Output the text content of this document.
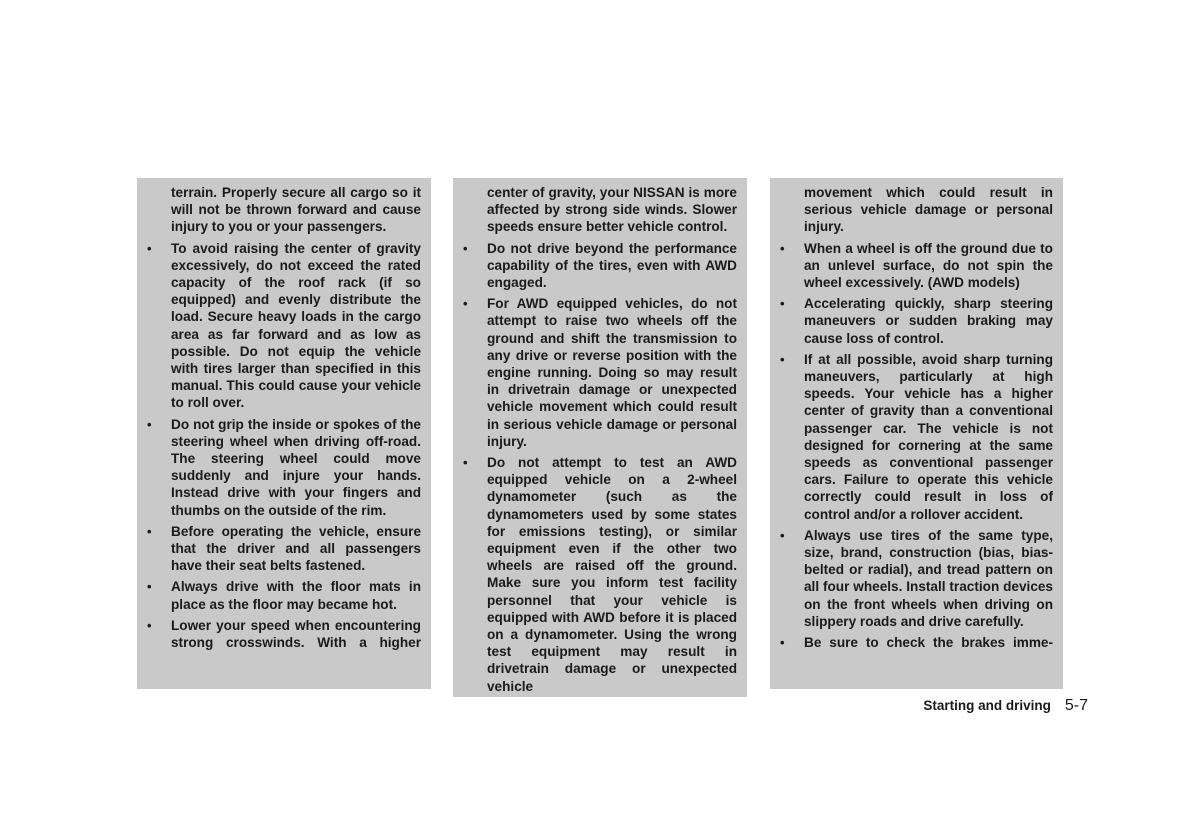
terrain. Properly secure all cargo so it will not be thrown forward and cause injury to you or your passengers.

• To avoid raising the center of gravity excessively, do not exceed the rated capacity of the roof rack (if so equipped) and evenly distribute the load. Secure heavy loads in the cargo area as far forward and as low as possible. Do not equip the vehicle with tires larger than specified in this manual. This could cause your vehicle to roll over.

• Do not grip the inside or spokes of the steering wheel when driving off-road. The steering wheel could move suddenly and injure your hands. Instead drive with your fingers and thumbs on the outside of the rim.

• Before operating the vehicle, ensure that the driver and all passengers have their seat belts fastened.

• Always drive with the floor mats in place as the floor may became hot.

• Lower your speed when encountering strong crosswinds. With a higher

center of gravity, your NISSAN is more affected by strong side winds. Slower speeds ensure better vehicle control.

• Do not drive beyond the performance capability of the tires, even with AWD engaged.

• For AWD equipped vehicles, do not attempt to raise two wheels off the ground and shift the transmission to any drive or reverse position with the engine running. Doing so may result in drivetrain damage or unexpected vehicle movement which could result in serious vehicle damage or personal injury.

• Do not attempt to test an AWD equipped vehicle on a 2-wheel dynamometer (such as the dynamometers used by some states for emissions testing), or similar equipment even if the other two wheels are raised off the ground. Make sure you inform test facility personnel that your vehicle is equipped with AWD before it is placed on a dynamometer. Using the wrong test equipment may result in drivetrain damage or unexpected vehicle

movement which could result in serious vehicle damage or personal injury.

• When a wheel is off the ground due to an unlevel surface, do not spin the wheel excessively. (AWD models)

• Accelerating quickly, sharp steering maneuvers or sudden braking may cause loss of control.

• If at all possible, avoid sharp turning maneuvers, particularly at high speeds. Your vehicle has a higher center of gravity than a conventional passenger car. The vehicle is not designed for cornering at the same speeds as conventional passenger cars. Failure to operate this vehicle correctly could result in loss of control and/or a rollover accident.

• Always use tires of the same type, size, brand, construction (bias, bias-belted or radial), and tread pattern on all four wheels. Install traction devices on the front wheels when driving on slippery roads and drive carefully.

• Be sure to check the brakes imme-

Starting and driving 5-7
